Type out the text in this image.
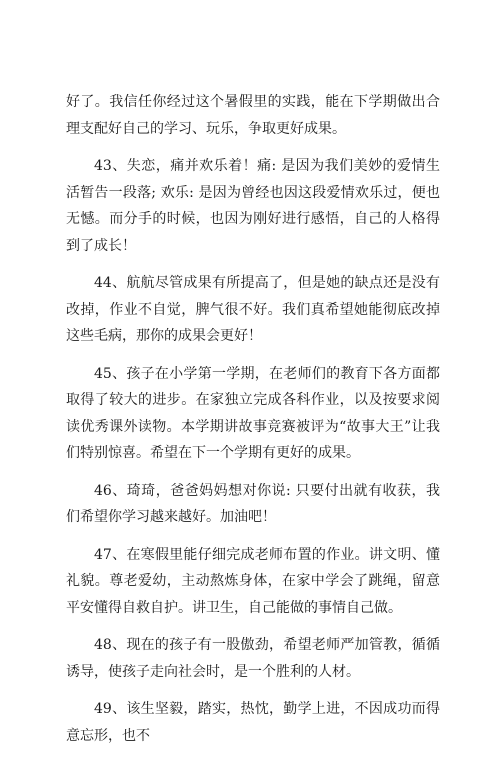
好了。我信任你经过这个暑假里的实践，能在下学期做出合理支配好自己的学习、玩乐，争取更好成果。

43、失恋，痛并欢乐着！痛: 是因为我们美妙的爱情生活暂告一段落; 欢乐: 是因为曾经也因这段爱情欢乐过，便也无憾。而分手的时候，也因为刚好进行感悟，自己的人格得到了成长！

44、航航尽管成果有所提高了，但是她的缺点还是没有改掉，作业不自觉，脾气很不好。我们真希望她能彻底改掉这些毛病，那你的成果会更好！

45、孩子在小学第一学期，在老师们的教育下各方面都取得了较大的进步。在家独立完成各科作业，以及按要求阅读优秀课外读物。本学期讲故事竞赛被评为“故事大王”让我们特别惊喜。希望在下一个学期有更好的成果。

46、琦琦，爸爸妈妈想对你说: 只要付出就有收获，我们希望你学习越来越好。加油吧！

47、在寒假里能仔细完成老师布置的作业。讲文明、懂礼貌。尊老爱幼，主动熬炼身体，在家中学会了跳绳，留意平安懂得自救自护。讲卫生，自己能做的事情自己做。

48、现在的孩子有一股傲劲，希望老师严加管教，循循诱导，使孩子走向社会时，是一个胜利的人材。

49、该生坚毅，踏实，热忱，勤学上进，不因成功而得意忘形，也不
